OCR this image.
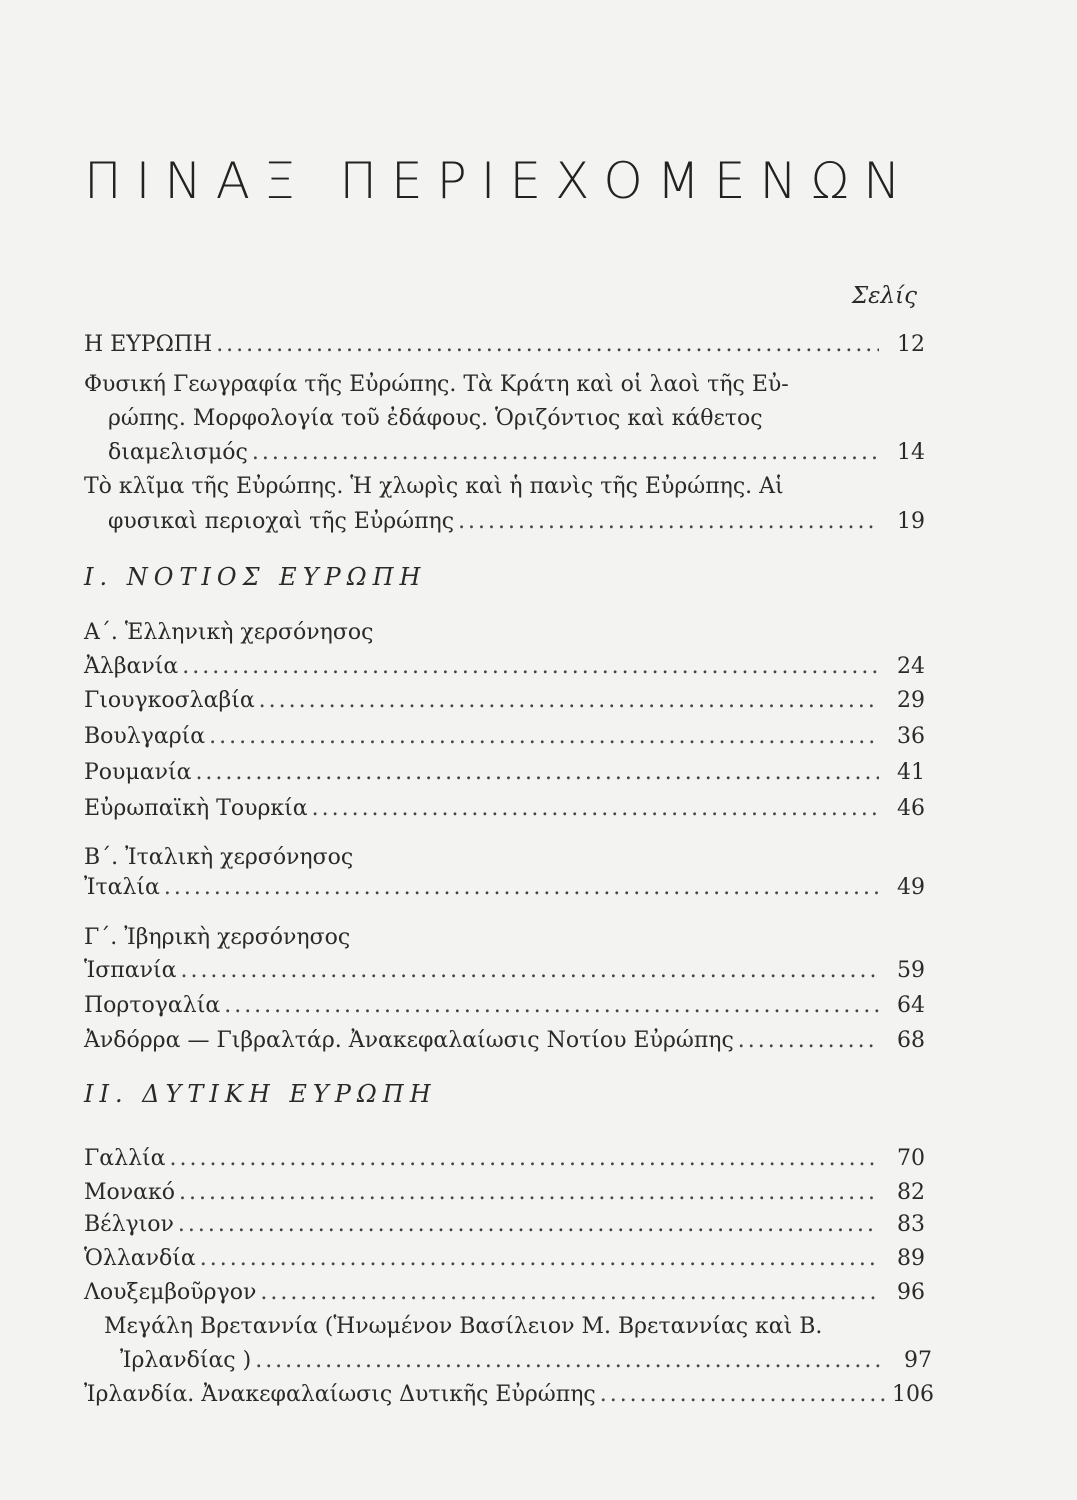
ΠΙΝΑΞ ΠΕΡΙΕΧΟΜΕΝΩΝ
Σελίς
Η ΕΥΡΩΠΗ . . .	12
Φυσική Γεωγραφία τῆς Εὐρώπης. Τὰ Κράτη καὶ οἱ λαοὶ τῆς Εὐ-
ρώπης. Μορφολογία τοῦ ἐδάφους. Ὁριζόντιος καὶ κάθετος
διαμελισμός . . .	14
Τὸ κλῖμα τῆς Εὐρώπης. Ἡ χλωρὶς καὶ ἡ πανὶς τῆς Εὐρώπης. Αἱ
φυσικαὶ περιοχαὶ τῆς Εὐρώπης . . .	19
Ι. ΝΟΤΙΟΣ ΕΥΡΩΠΗ
Α΄. Ἑλληνικὴ χερσόνησος
Ἀλβανία . . .	24
Γιουγκοσλαβία . . .	29
Βουλγαρία . . .	36
Ρουμανία . . .	41
Εὐρωπαϊκὴ Τουρκία . . .	46
Β΄. Ἰταλικὴ χερσόνησος
Ἰταλία . . .	49
Γ΄. Ἰβηρικὴ χερσόνησος
Ἱσπανία . . .	59
Πορτογαλία . . .	64
Ἀνδόρρα — Γιβραλτάρ. Ἀνακεφαλαίωσις Νοτίου Εὐρώπης . . .	68
ΙΙ. ΔΥΤΙΚΗ ΕΥΡΩΠΗ
Γαλλία . . .	70
Μονακό . . .	82
Βέλγιον . . .	83
Ὁλλανδία . . .	89
Λουξεμβοῦργον . . .	96
Μεγάλη Βρεταννία (Ἡνωμένον Βασίλειον Μ. Βρεταννίας καὶ Β.
Ἰρλανδίας ) . . .	97
Ἰρλανδία. Ἀνακεφαλαίωσις Δυτικῆς Εὐρώπης . . .	106
